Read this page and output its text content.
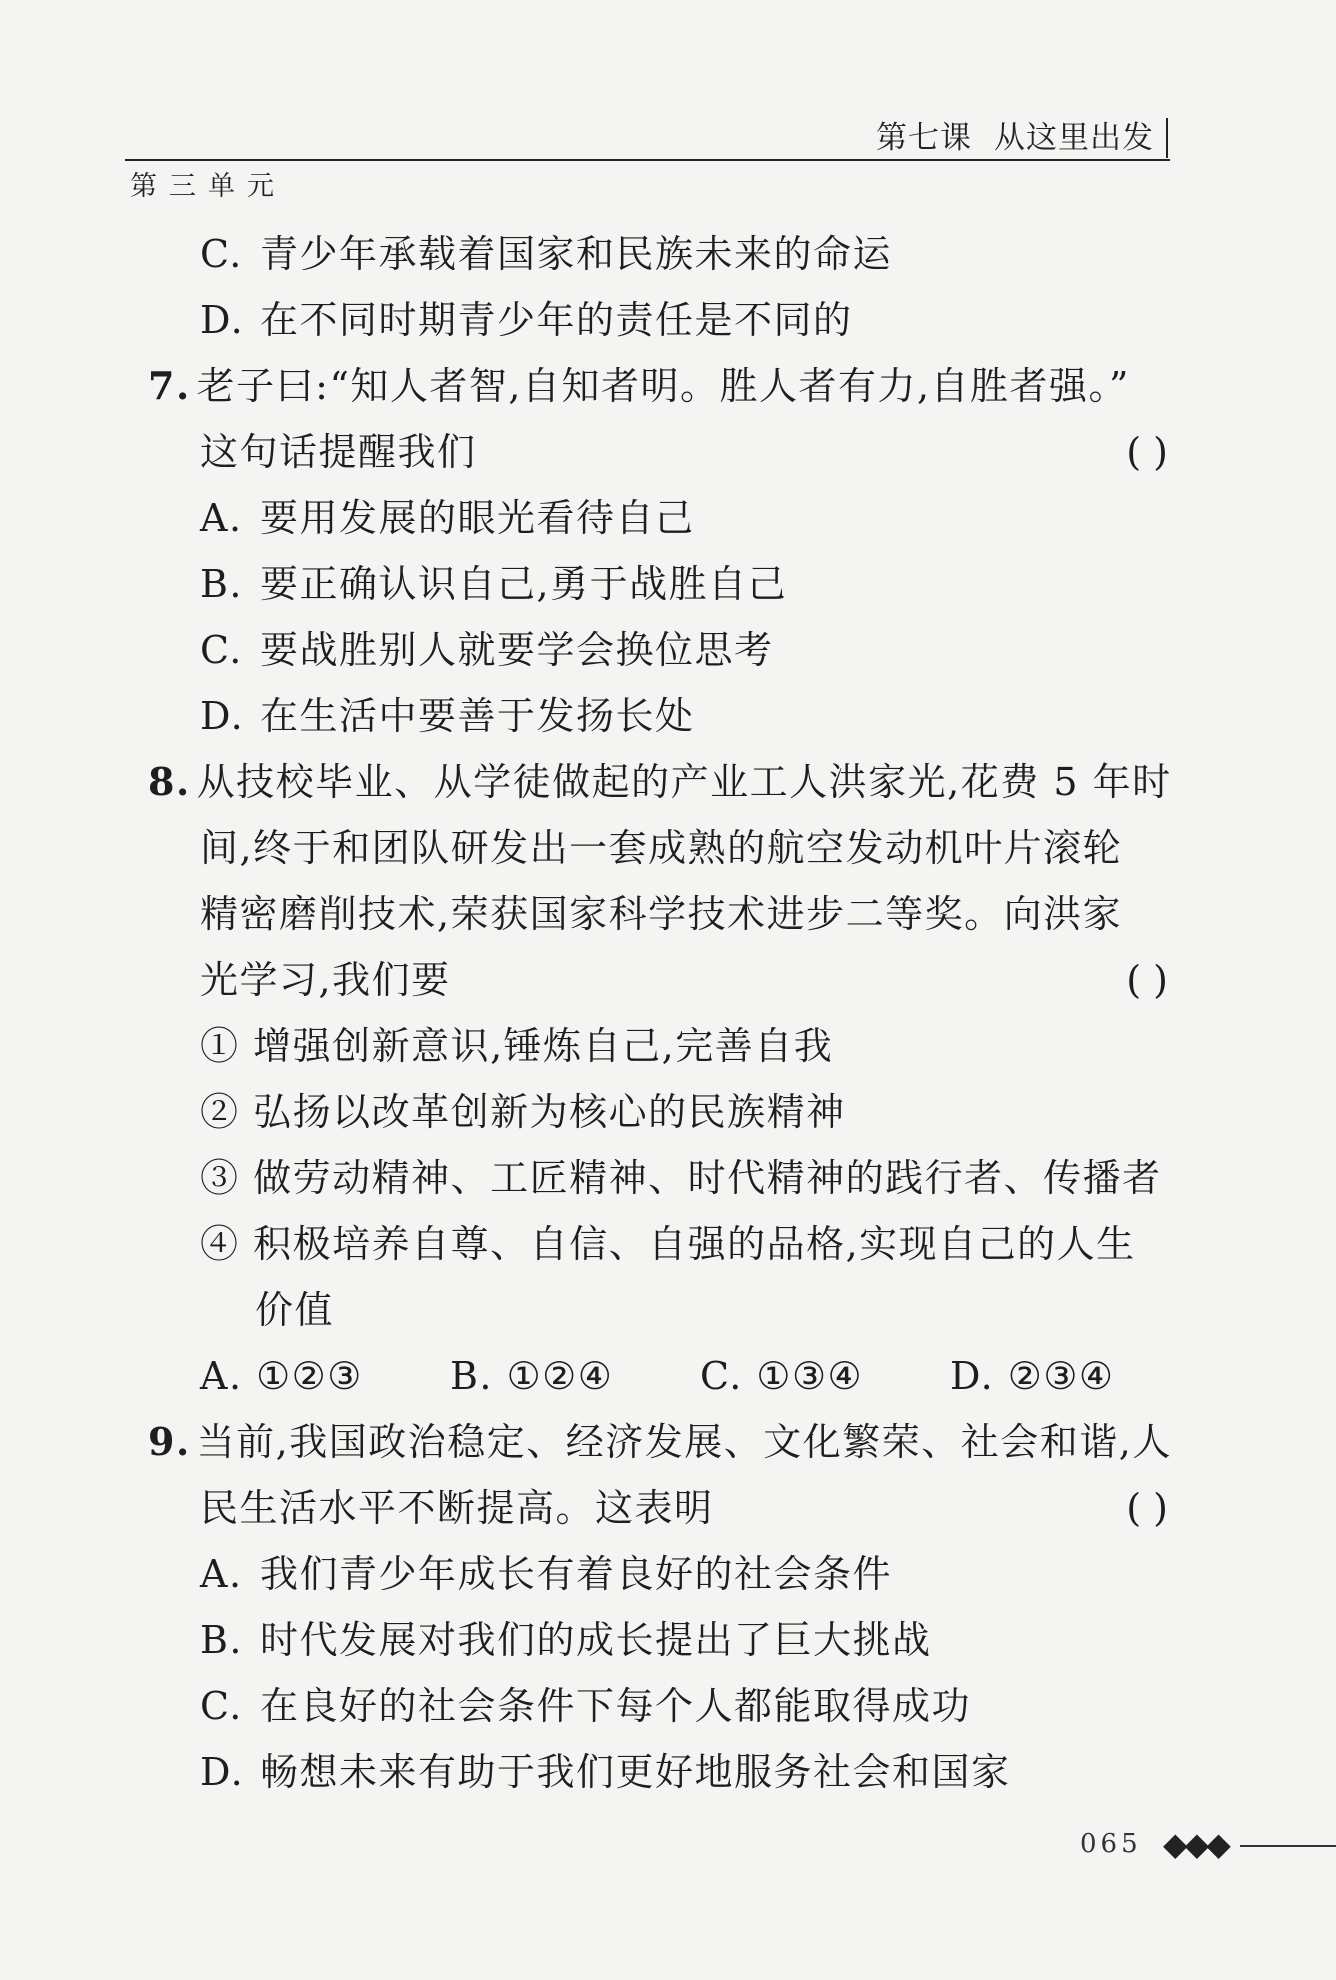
第七课 从这里出发
第三单元
C. 青少年承载着国家和民族未来的命运
D. 在不同时期青少年的责任是不同的
7. 老子曰:“知人者智,自知者明。胜人者有力,自胜者强。”
这句话提醒我们	( )
A. 要用发展的眼光看待自己
B. 要正确认识自己,勇于战胜自己
C. 要战胜别人就要学会换位思考
D. 在生活中要善于发扬长处
8. 从技校毕业、从学徒做起的产业工人洪家光,花费 5 年时
间,终于和团队研发出一套成熟的航空发动机叶片滚轮
精密磨削技术,荣获国家科学技术进步二等奖。向洪家
光学习,我们要	( )
① 增强创新意识,锤炼自己,完善自我
② 弘扬以改革创新为核心的民族精神
③ 做劳动精神、工匠精神、时代精神的践行者、传播者
④ 积极培养自尊、自信、自强的品格,实现自己的人生
价值
A. ①②③ B. ①②④ C. ①③④ D. ②③④
9. 当前,我国政治稳定、经济发展、文化繁荣、社会和谐,人
民生活水平不断提高。这表明	( )
A. 我们青少年成长有着良好的社会条件
B. 时代发展对我们的成长提出了巨大挑战
C. 在良好的社会条件下每个人都能取得成功
D. 畅想未来有助于我们更好地服务社会和国家
065 ◆◆◆
